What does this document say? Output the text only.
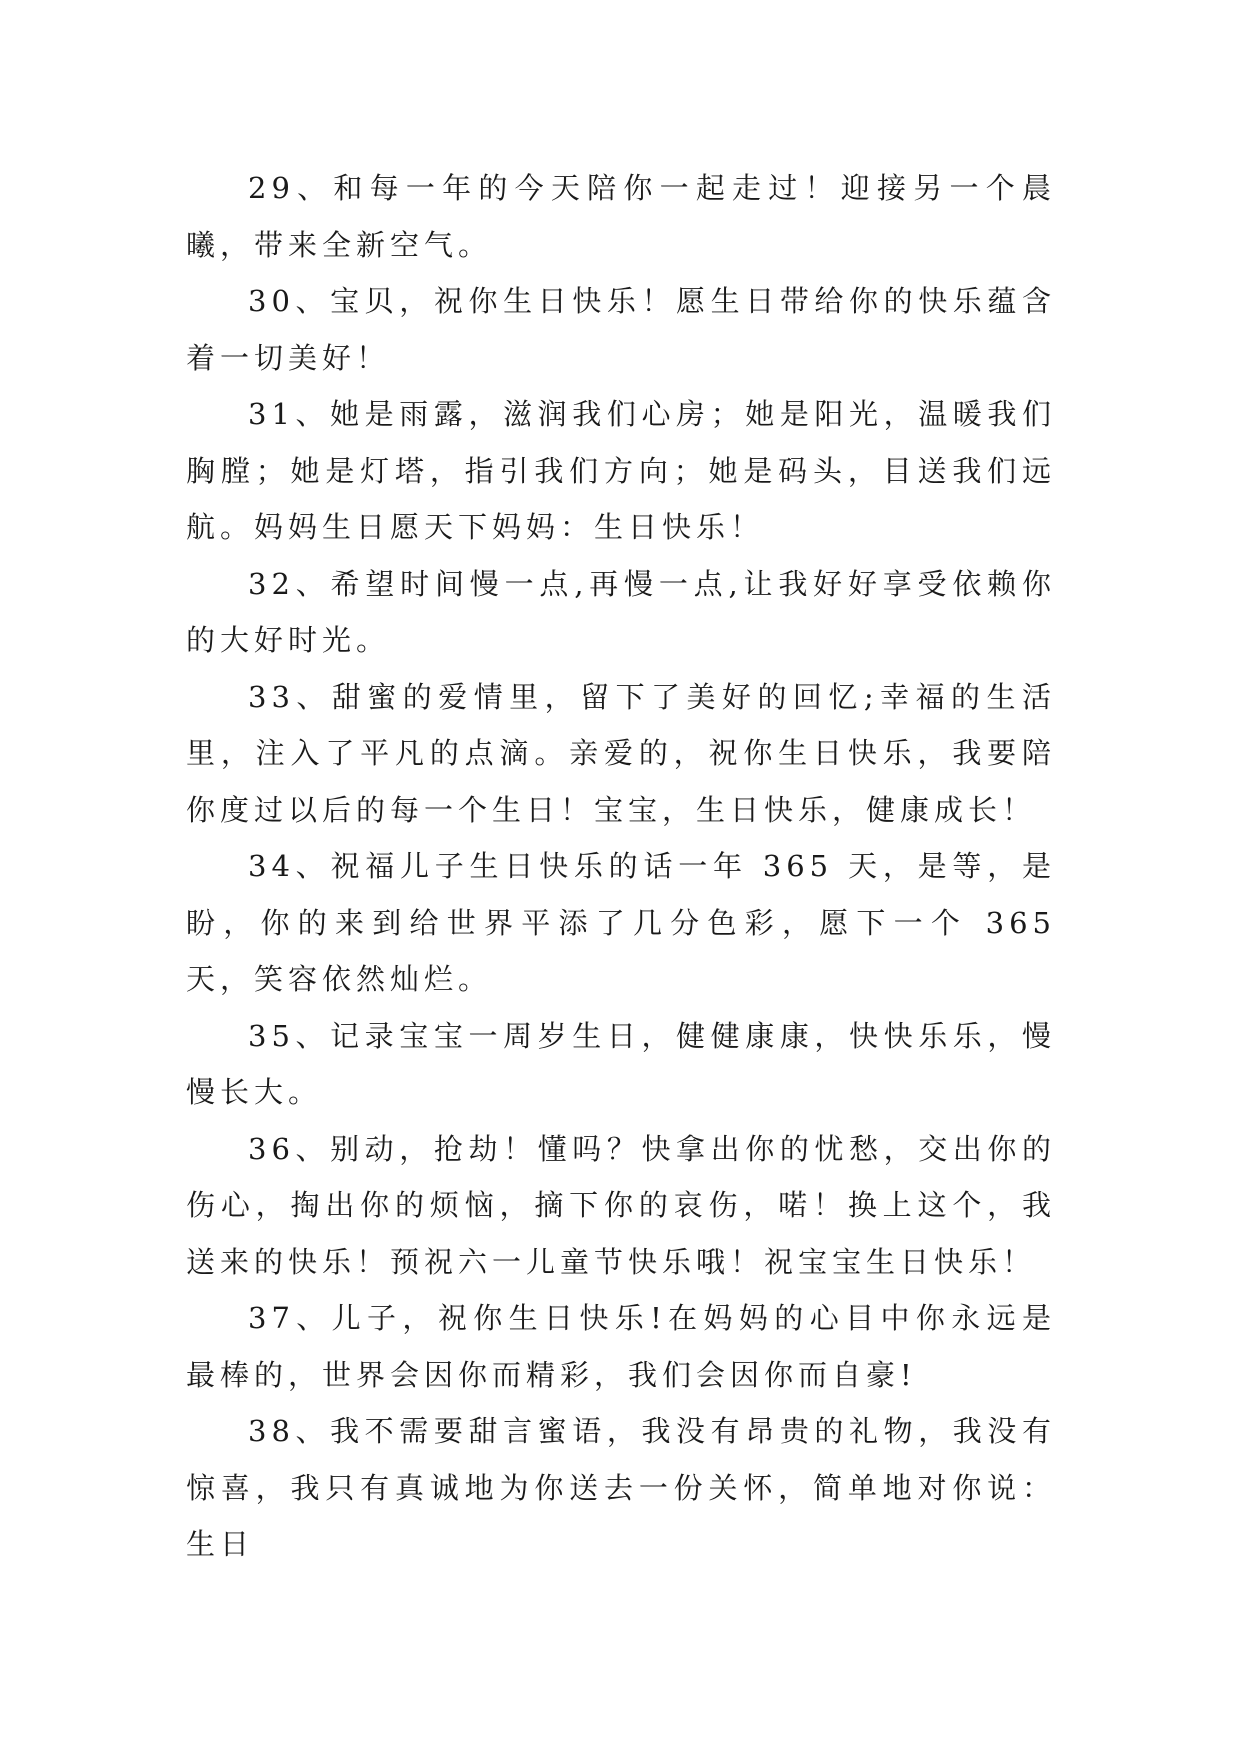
29、和每一年的今天陪你一起走过！迎接另一个晨曦，带来全新空气。

30、宝贝，祝你生日快乐！愿生日带给你的快乐蕴含着一切美好！

31、她是雨露，滋润我们心房；她是阳光，温暖我们胸膛；她是灯塔，指引我们方向；她是码头，目送我们远航。妈妈生日愿天下妈妈：生日快乐！

32、希望时间慢一点,再慢一点,让我好好享受依赖你的大好时光。

33、甜蜜的爱情里，留下了美好的回忆;幸福的生活里，注入了平凡的点滴。亲爱的，祝你生日快乐，我要陪你度过以后的每一个生日！宝宝，生日快乐，健康成长！

34、祝福儿子生日快乐的话一年 365 天，是等，是盼，你的来到给世界平添了几分色彩，愿下一个 365 天，笑容依然灿烂。

35、记录宝宝一周岁生日，健健康康，快快乐乐，慢慢长大。

36、别动，抢劫！懂吗？快拿出你的忧愁，交出你的伤心，掏出你的烦恼，摘下你的哀伤，喏！换上这个，我送来的快乐！预祝六一儿童节快乐哦！祝宝宝生日快乐！

37、儿子，祝你生日快乐!在妈妈的心目中你永远是最棒的，世界会因你而精彩，我们会因你而自豪!

38、我不需要甜言蜜语，我没有昂贵的礼物，我没有惊喜，我只有真诚地为你送去一份关怀，简单地对你说：生日
